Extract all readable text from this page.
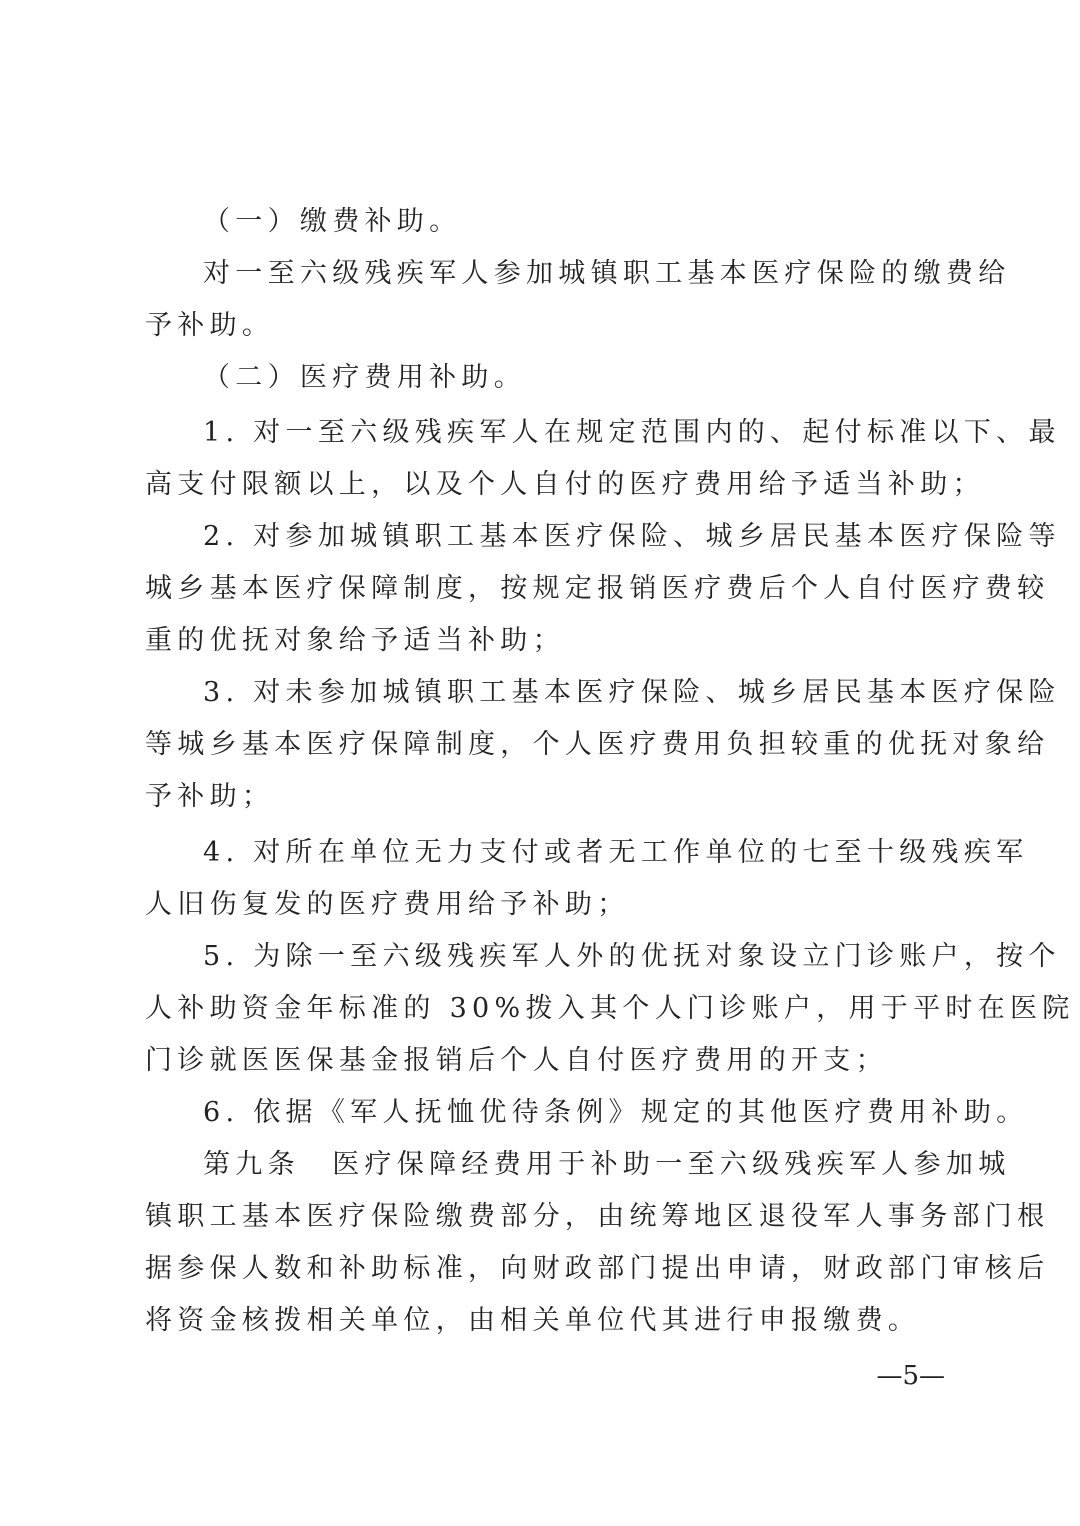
（一）缴费补助。
对一至六级残疾军人参加城镇职工基本医疗保险的缴费给
予补助。
（二）医疗费用补助。
1. 对一至六级残疾军人在规定范围内的、起付标准以下、最
高支付限额以上，以及个人自付的医疗费用给予适当补助；
2. 对参加城镇职工基本医疗保险、城乡居民基本医疗保险等
城乡基本医疗保障制度，按规定报销医疗费后个人自付医疗费较
重的优抚对象给予适当补助；
3. 对未参加城镇职工基本医疗保险、城乡居民基本医疗保险
等城乡基本医疗保障制度，个人医疗费用负担较重的优抚对象给
予补助；
4. 对所在单位无力支付或者无工作单位的七至十级残疾军
人旧伤复发的医疗费用给予补助；
5. 为除一至六级残疾军人外的优抚对象设立门诊账户，按个
人补助资金年标准的 30%拨入其个人门诊账户，用于平时在医院
门诊就医医保基金报销后个人自付医疗费用的开支；
6. 依据《军人抚恤优待条例》规定的其他医疗费用补助。
第九条　医疗保障经费用于补助一至六级残疾军人参加城
镇职工基本医疗保险缴费部分，由统筹地区退役军人事务部门根
据参保人数和补助标准，向财政部门提出申请，财政部门审核后
将资金核拨相关单位，由相关单位代其进行申报缴费。
—5—
